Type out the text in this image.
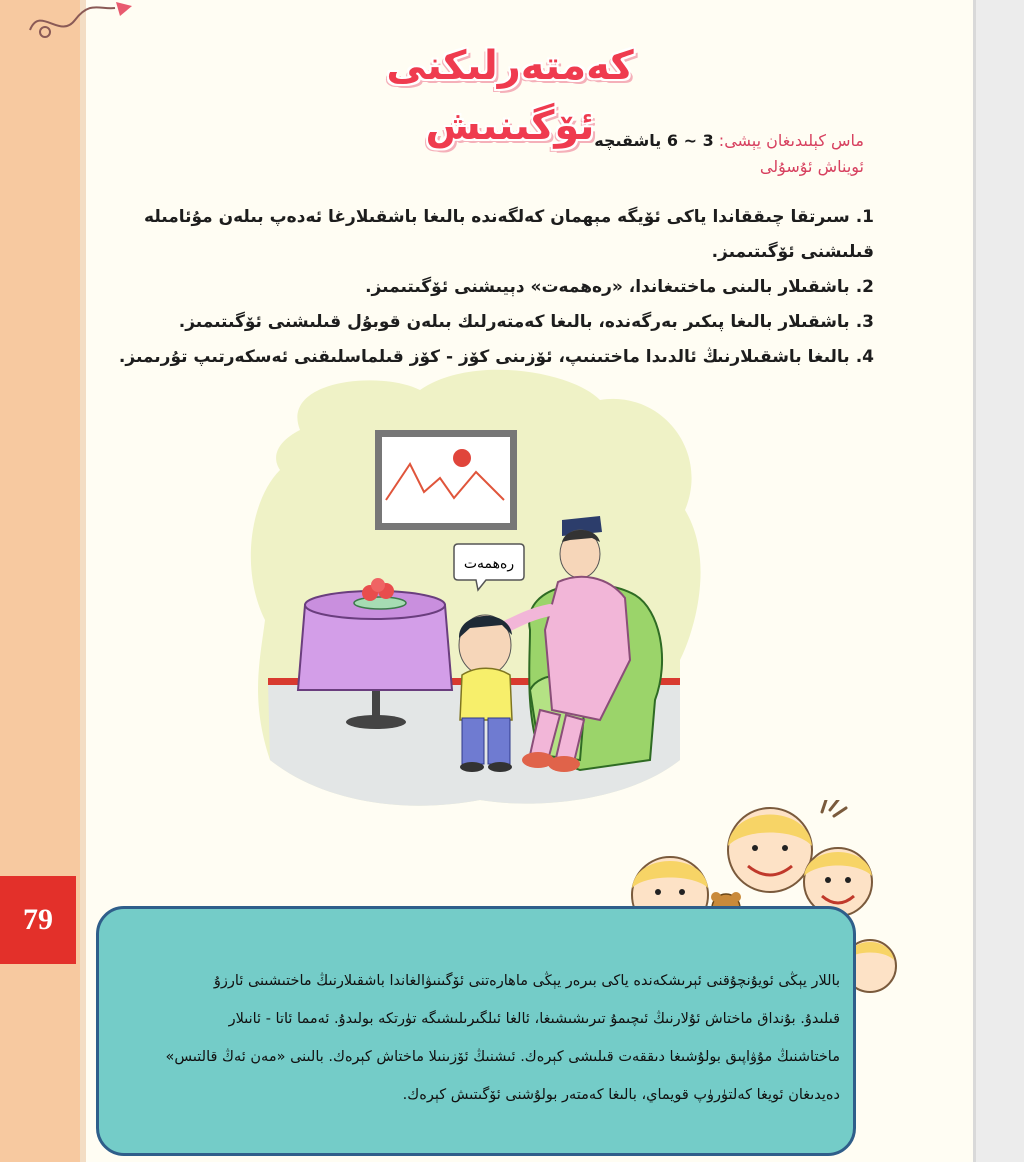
79
كەمتەرلىكنى ئۆگىنىش	ماس كېلىدىغان يېشى: 3 ~ 6 ياشقىچە
ئويناش ئۇسۇلى
1.سىرتقا چىققاندا ياكى ئۆيگە مېھمان كەلگەندە بالىغا باشقىلارغا ئەدەپ بىلەن مۇئامىلە قىلىشنى ئۆگىتىمىز.
2.باشقىلار بالىنى ماختىغاندا، «رەھمەت» دېيىشنى ئۆگىتىمىز.
3.باشقىلار بالىغا پىكىر بەرگەندە، بالىغا كەمتەرلىك بىلەن قوبۇل قىلىشنى ئۆگىتىمىز.
4.بالىغا باشقىلارنىڭ ئالدىدا ماختىنىپ، ئۆزىنى كۆز - كۆز قىلماسلىقنى ئەسكەرتىپ تۇرىمىز.
رەھمەت

باللار يېڭى ئويۇنچۇقنى ئېرىشكەندە ياكى بىرەر يېڭى ماھارەتنى ئۆگىنىۋالغاندا باشقىلارنىڭ ماختىشىنى ئارزۇ
قىلىدۇ. بۇنداق ماختاش ئۇلارنىڭ ئىچىمۇ تىرىشىشىغا، ئالغا ئىلگىرىلىشىگە تۈرتكە بولىدۇ. ئەمما ئاتا - ئانىلار
ماختاشنىڭ مۇۋاپىق بولۇشىغا دىققەت قىلىشى كېرەك. ئىشنىڭ ئۆزىنىلا ماختاش كېرەك. بالىنى «مەن ئەڭ قالتىس»
دەيدىغان ئويغا كەلتۈرۈپ قويماي، بالىغا كەمتەر بولۇشنى ئۆگىتىش كېرەك.
